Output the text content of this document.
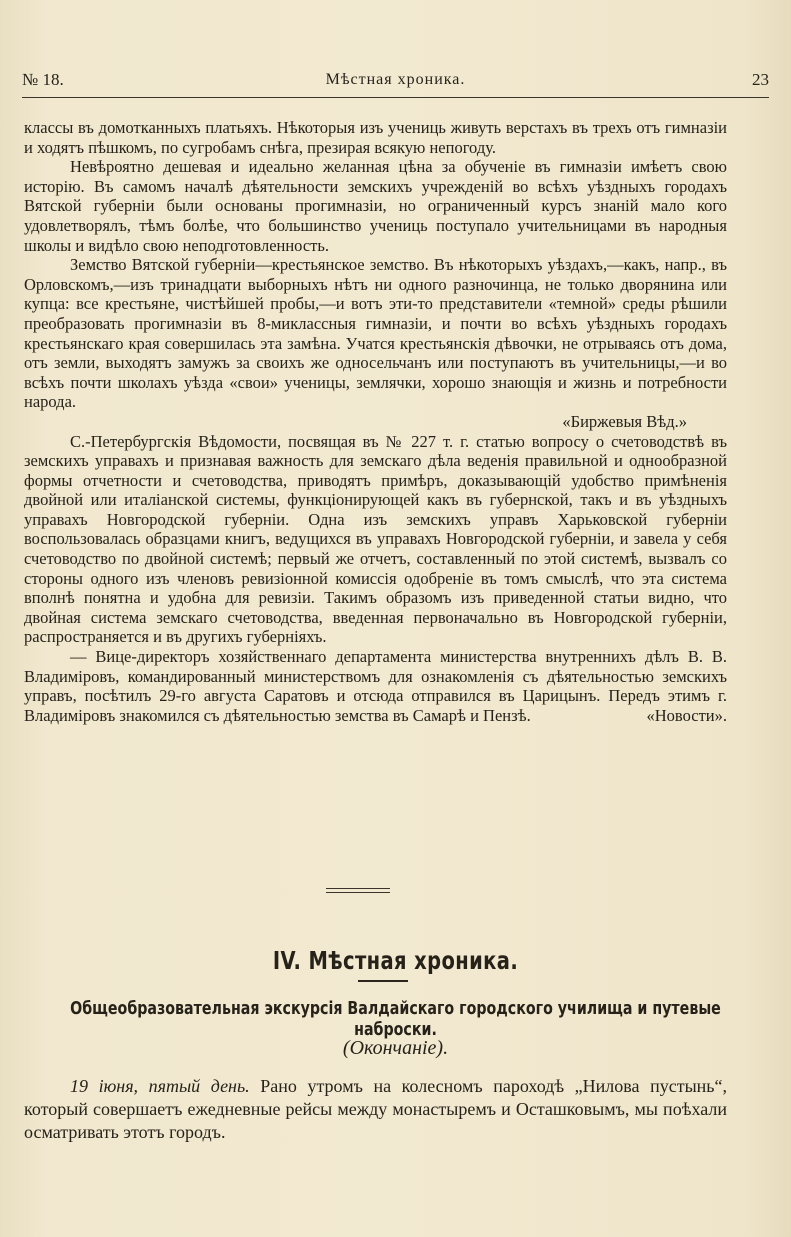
№ 18.	Мѣстная хроника.	23

классы въ домотканныхъ платьяхъ. Нѣкоторыя изъ учениць живуть верстахъ въ трехъ отъ гимназіи и ходятъ пѣшкомъ, по сугробамъ снѣга, презирая всякую непогоду.

Невѣроятно дешевая и идеально желанная цѣна за обученіе въ гимназіи имѣетъ свою исторію. Въ самомъ началѣ дѣятельности земскихъ учрежденій во всѣхъ уѣздныхъ городахъ Вятской губерніи были основаны прогимназіи, но ограниченный курсъ знаній мало кого удовлетворялъ, тѣмъ болѣе, что большинство учениць поступало учительницами въ народныя школы и видѣло свою неподготовленность.

Земство Вятской губерніи—крестьянское земство. Въ нѣкоторыхъ уѣздахъ,—какъ, напр., въ Орловскомъ,—изъ тринадцати выборныхъ нѣтъ ни одного разночинца, не только дворянина или купца: все крестьяне, чистѣйшей пробы,—и вотъ эти-то представители «темной» среды рѣшили преобразовать прогимназіи въ 8-миклассныя гимназіи, и почти во всѣхъ уѣздныхъ городахъ крестьянскаго края совершилась эта замѣна. Учатся крестьянскія дѣвочки, не отрываясь отъ дома, отъ земли, выходятъ замужъ за своихъ же односельчанъ или поступаютъ въ учительницы,—и во всѣхъ почти школахъ уѣзда «свои» ученицы, землячки, хорошо знающія и жизнь и потребности народа.

«Биржевыя Вѣд.»

С.-Петербургскія Вѣдомости, посвящая въ № 227 т. г. статью вопросу о счетоводствѣ въ земскихъ управахъ и признавая важность для земскаго дѣла веденія правильной и однообразной формы отчетности и счетоводства, приводятъ примѣръ, доказывающій удобство примѣненія двойной или италіанской системы, функціонирующей какъ въ губернской, такъ и въ уѣздныхъ управахъ Новгородской губерніи. Одна изъ земскихъ управъ Харьковской губерніи воспользовалась образцами книгъ, ведущихся въ управахъ Новгородской губерніи, и завела у себя счетоводство по двойной системѣ; первый же отчетъ, составленный по этой системѣ, вызвалъ со стороны одного изъ членовъ ревизіонной комиссія одобреніе въ томъ смыслѣ, что эта система вполнѣ понятна и удобна для ревизіи. Такимъ образомъ изъ приведенной статьи видно, что двойная система земскаго счетоводства, введенная первоначально въ Новгородской губерніи, распространяется и въ другихъ губерніяхъ.

— Вице-директоръ хозяйственнаго департамента министерства внутреннихъ дѣлъ В. В. Владиміровъ, командированный министерствомъ для ознакомленія съ дѣятельностью земскихъ управъ, посѣтилъ 29-го августа Саратовъ и отсюда отправился въ Царицынъ. Передъ этимъ г. Владиміровъ знакомился съ дѣятельностью земства въ Самарѣ и Пензѣ.	«Новости».

IV. Мѣстная хроника.
Общеобразовательная экскурсія Валдайскаго городского училища и путевые наброски.
(Окончаніе).
19 іюня, пятый день. Рано утромъ на колесномъ пароходѣ „Нилова пустынь“, который совершаетъ ежедневные рейсы между монастыремъ и Осташковымъ, мы поѣхали осматривать этотъ городъ.
